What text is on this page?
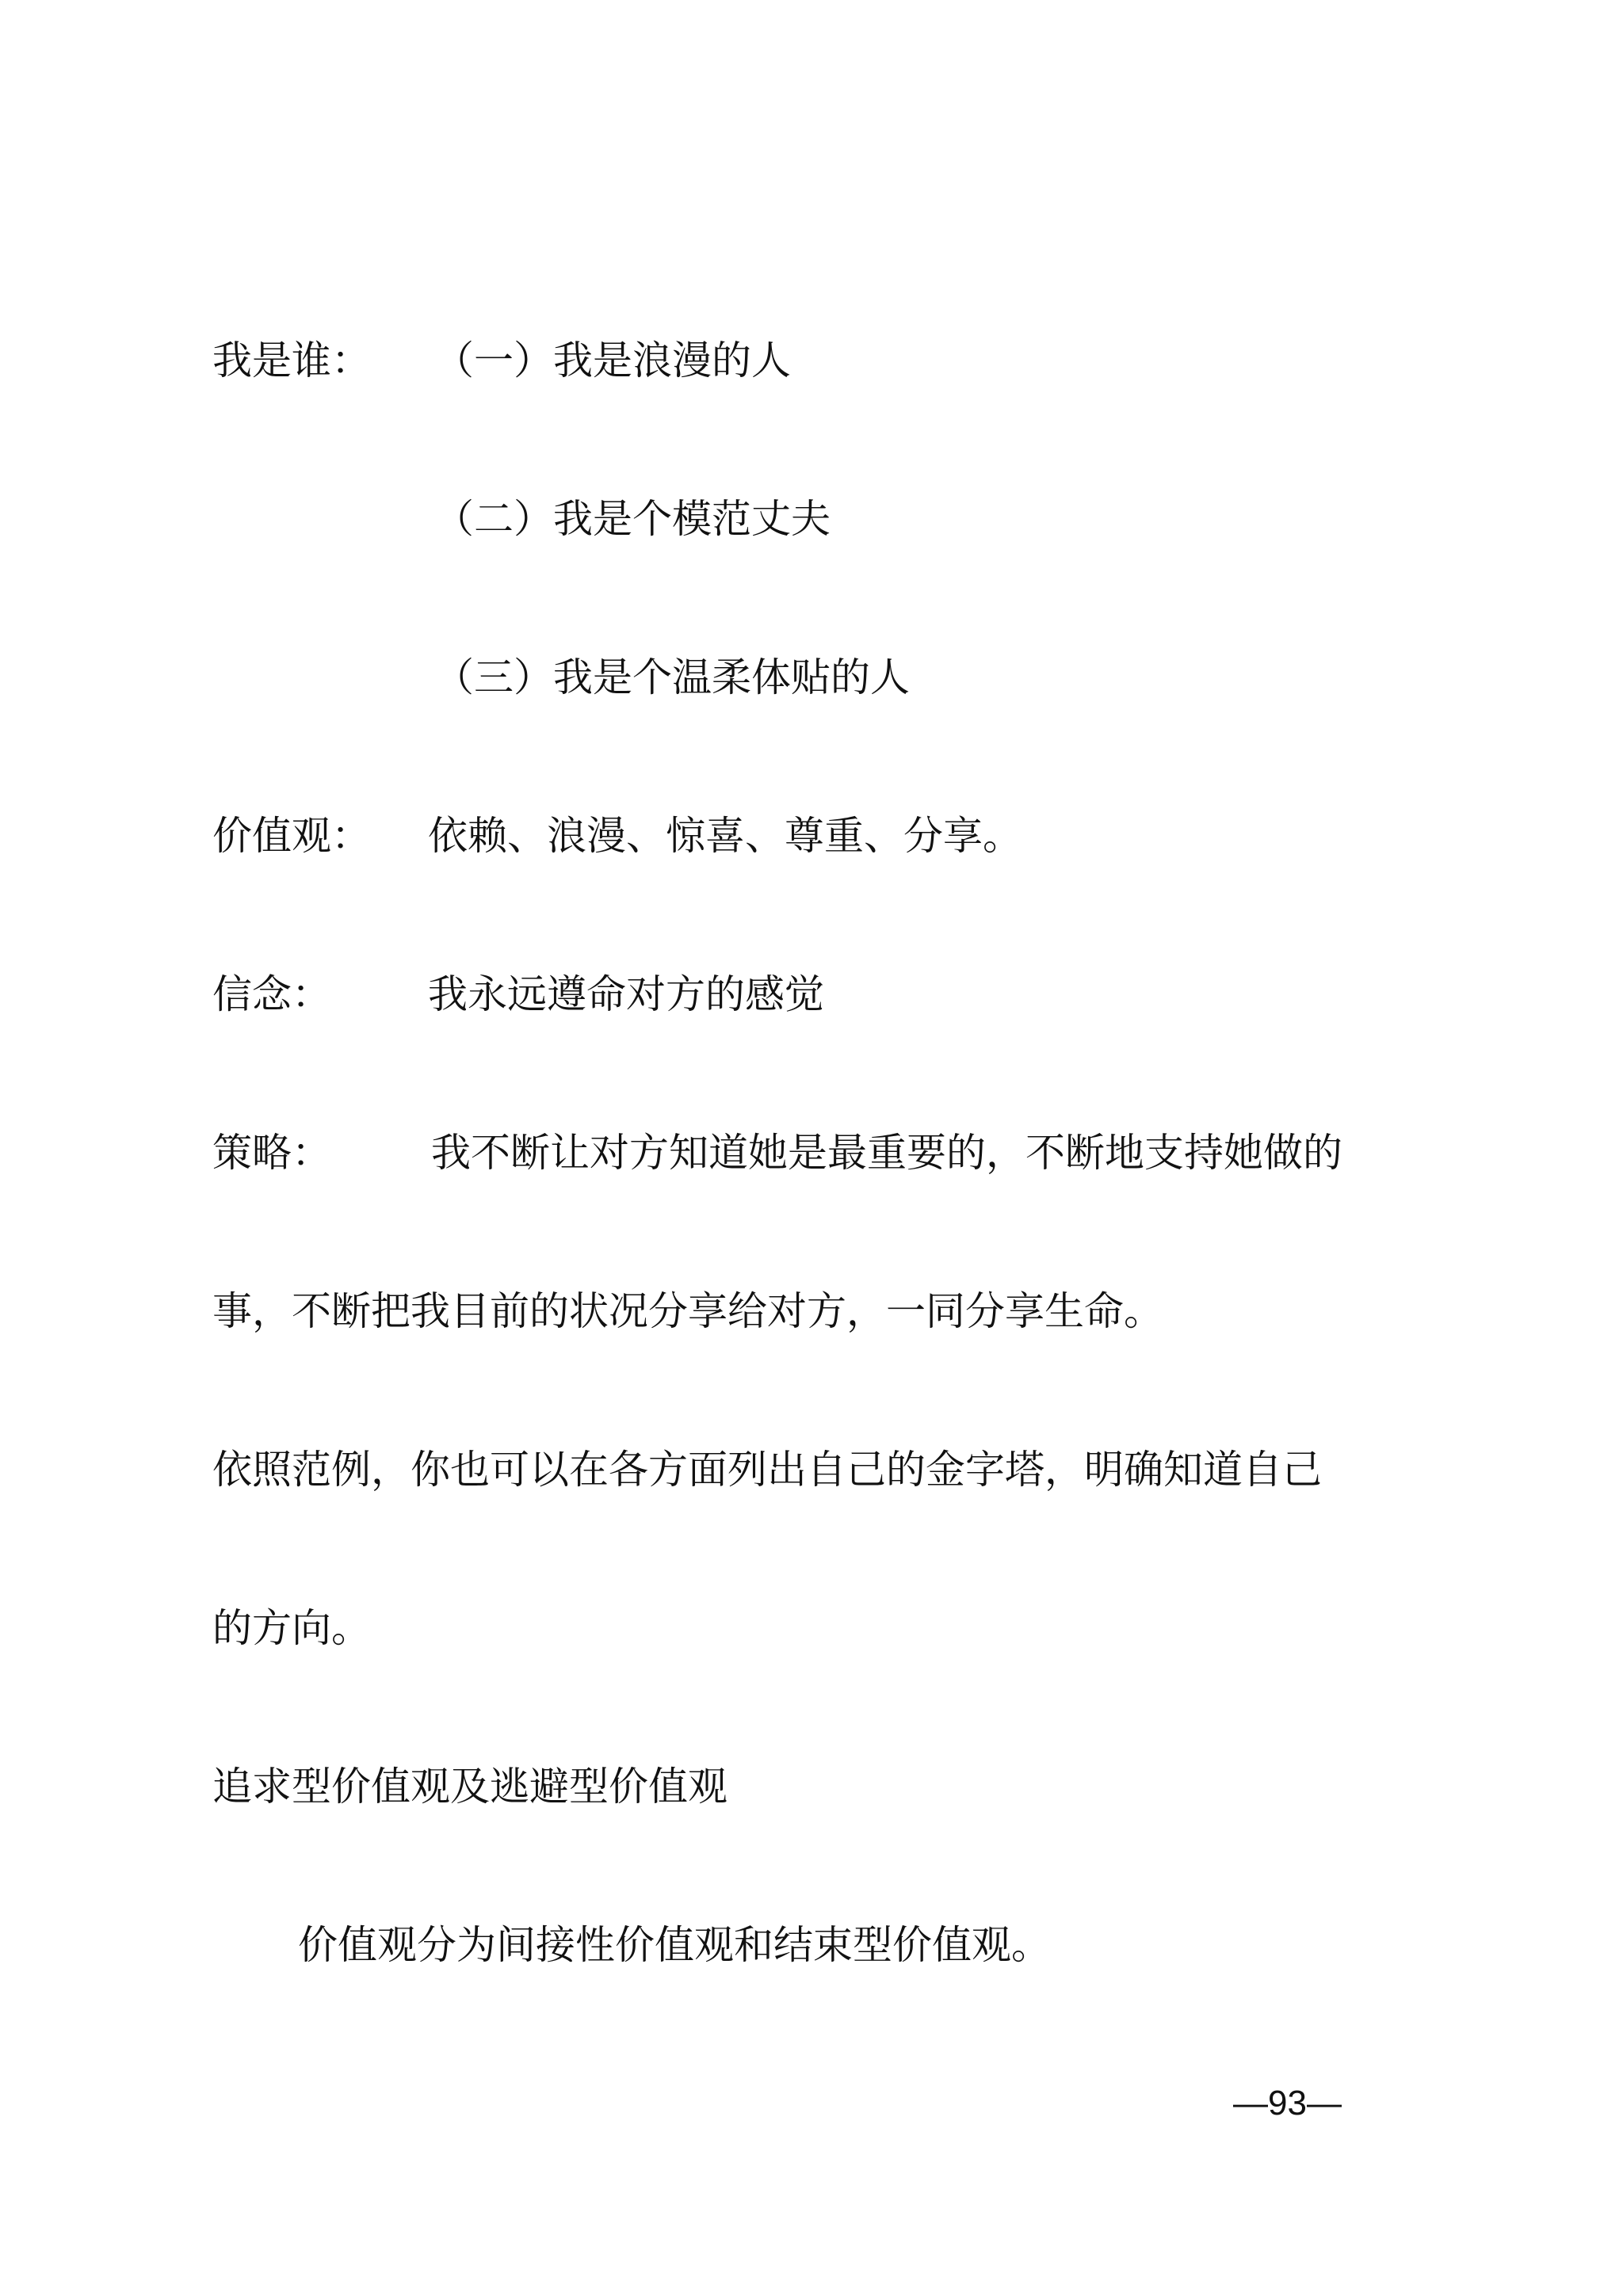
我是谁： （一）我是浪漫的人
（二）我是个模范丈夫
（三）我是个温柔体贴的人
价值观： 依赖、浪漫、惊喜、尊重、分享。
信念： 我永远遵命对方的感觉
策略：	我不断让对方知道她是最重要的，不断地支持她做的
事，不断把我目前的状况分享给对方，一同分享生命。
依照范例，你也可以在各方面列出自己的金字塔，明确知道自己
的方向。
追求型价值观及逃避型价值观
价值观分为间接性价值观和结束型价值观。
—93—
